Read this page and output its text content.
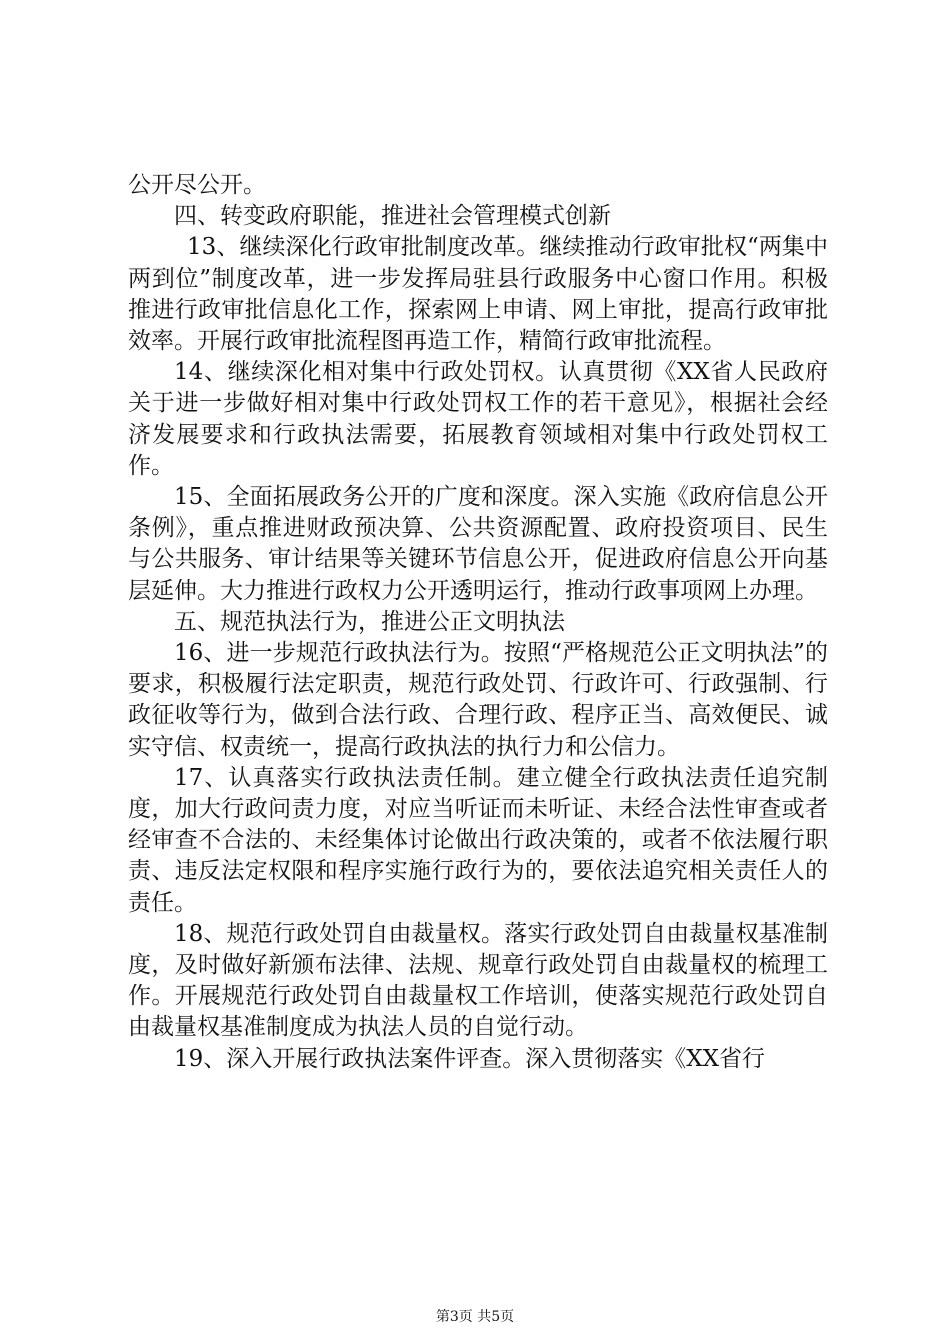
公开尽公开。

四、转变政府职能，推进社会管理模式创新

13、继续深化行政审批制度改革。继续推动行政审批权“两集中两到位”制度改革，进一步发挥局驻县行政服务中心窗口作用。积极推进行政审批信息化工作，探索网上申请、网上审批，提高行政审批效率。开展行政审批流程图再造工作，精简行政审批流程。

14、继续深化相对集中行政处罚权。认真贯彻《XX省人民政府关于进一步做好相对集中行政处罚权工作的若干意见》，根据社会经济发展要求和行政执法需要，拓展教育领域相对集中行政处罚权工作。

15、全面拓展政务公开的广度和深度。深入实施《政府信息公开条例》，重点推进财政预决算、公共资源配置、政府投资项目、民生与公共服务、审计结果等关键环节信息公开，促进政府信息公开向基层延伸。大力推进行政权力公开透明运行，推动行政事项网上办理。

五、规范执法行为，推进公正文明执法

16、进一步规范行政执法行为。按照“严格规范公正文明执法”的要求，积极履行法定职责，规范行政处罚、行政许可、行政强制、行政征收等行为，做到合法行政、合理行政、程序正当、高效便民、诚实守信、权责统一，提高行政执法的执行力和公信力。

17、认真落实行政执法责任制。建立健全行政执法责任追究制度，加大行政问责力度，对应当听证而未听证、未经合法性审查或者经审查不合法的、未经集体讨论做出行政决策的，或者不依法履行职责、违反法定权限和程序实施行政行为的，要依法追究相关责任人的责任。

18、规范行政处罚自由裁量权。落实行政处罚自由裁量权基准制度，及时做好新颁布法律、法规、规章行政处罚自由裁量权的梳理工作。开展规范行政处罚自由裁量权工作培训，使落实规范行政处罚自由裁量权基准制度成为执法人员的自觉行动。

19、深入开展行政执法案件评查。深入贯彻落实《XX省行

第3页 共5页
